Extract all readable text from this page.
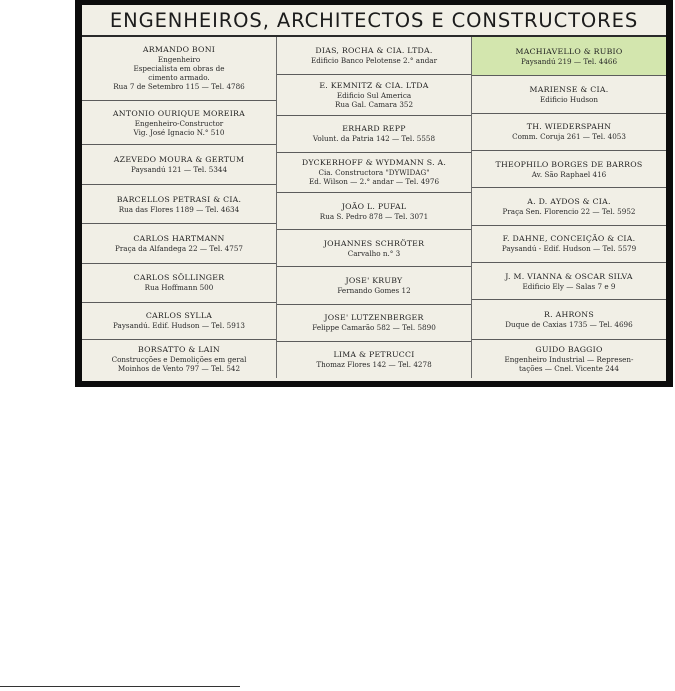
ENGENHEIROS, ARCHITECTOS E CONSTRUCTORES
ARMANDO BONI
Engenheiro
Especialista em obras de
cimento armado.
Rua 7 de Setembro 115 — Tel. 4786
ANTONIO OURIQUE MOREIRA
Engenheiro-Constructor
Vig. José Ignacio N.° 510
AZEVEDO MOURA & GERTUM
Paysandú 121 — Tel. 5344
BARCELLOS PETRASI & CIA.
Rua das Flores 1189 — Tel. 4634
CARLOS HARTMANN
Praça da Alfandega 22 — Tel. 4757
CARLOS SÖLLINGER
Rua Hoffmann 500
CARLOS SYLLA
Paysandú. Edif. Hudson — Tel. 5913
BORSATTO & LAIN
Construcções e Demolições em geral
Moinhos de Vento 797 — Tel. 542
DIAS, ROCHA & CIA. LTDA.
Edificio Banco Pelotense 2.° andar
E. KEMNITZ & CIA. LTDA
Edificio Sul America
Rua Gal. Camara 352
ERHARD REPP
Volunt. da Patria 142 — Tel. 5558
DYCKERHOFF & WYDMANN S. A.
Cia. Constructora "DYWIDAG"
Ed. Wilson — 2.° andar — Tel. 4976
JOÃO L. PUFAL
Rua S. Pedro 878 — Tel. 3071
JOHANNES SCHRÖTER
Carvalho n.° 3
JOSE' KRUBY
Fernando Gomes 12
JOSE' LUTZENBERGER
Felippe Camarão 582 — Tel. 5890
LIMA & PETRUCCI
Thomaz Flores 142 — Tel. 4278
MACHIAVELLO & RUBIO
Paysandú 219 — Tel. 4466
MARIENSE & CIA.
Edificio Hudson
TH. WIEDERSPAHN
Comm. Coruja 261 — Tel. 4053
THEOPHILO BORGES DE BARROS
Av. São Raphael 416
A. D. AYDOS & CIA.
Praça Sen. Florencio 22 — Tel. 5952
F. DAHNE, CONCEIÇÃO & CIA.
Paysandú - Edif. Hudson — Tel. 5579
J. M. VIANNA & OSCAR SILVA
Edificio Ely — Salas 7 e 9
R. AHRONS
Duque de Caxias 1735 — Tel. 4696
GUIDO BAGGIO
Engenheiro Industrial — Represen-
tações — Cnel. Vicente 244
